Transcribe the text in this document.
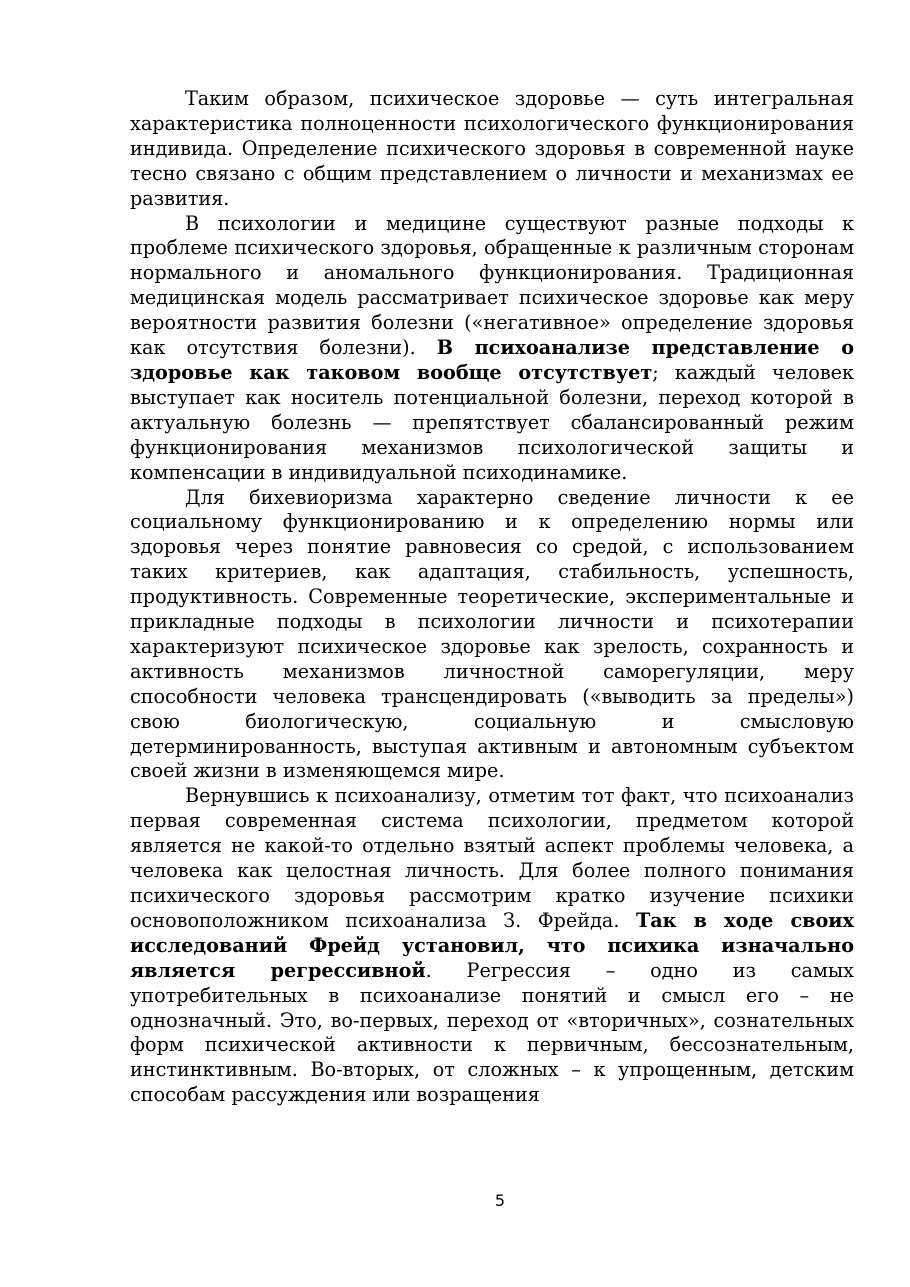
Таким образом, психическое здоровье — суть интегральная характеристика полноценности психологического функционирования индивида. Определение психического здоровья в современной науке тесно связано с общим представлением о личности и механизмах ее развития.

В психологии и медицине существуют разные подходы к проблеме психического здоровья, обращенные к различным сторонам нормального и аномального функционирования. Традиционная медицинская модель рассматривает психическое здоровье как меру вероятности развития болезни («негативное» определение здоровья как отсутствия болезни). В психоанализе представление о здоровье как таковом вообще отсутствует; каждый человек выступает как носитель потенциальной болезни, переход которой в актуальную болезнь — препятствует сбалансированный режим функционирования механизмов психологической защиты и компенсации в индивидуальной психодинамике.

Для бихевиоризма характерно сведение личности к ее социальному функционированию и к определению нормы или здоровья через понятие равновесия со средой, с использованием таких критериев, как адаптация, стабильность, успешность, продуктивность. Современные теоретические, экспериментальные и прикладные подходы в психологии личности и психотерапии характеризуют психическое здоровье как зрелость, сохранность и активность механизмов личностной саморегуляции, меру способности человека трансцендировать («выводить за пределы») свою биологическую, социальную и смысловую детерминированность, выступая активным и автономным субъектом своей жизни в изменяющемся мире.

Вернувшись к психоанализу, отметим тот факт, что психоанализ первая современная система психологии, предметом которой является не какой-то отдельно взятый аспект проблемы человека, а человека как целостная личность. Для более полного понимания психического здоровья рассмотрим кратко изучение психики основоположником психоанализа З. Фрейда. Так в ходе своих исследований Фрейд установил, что психика изначально является регрессивной. Регрессия – одно из самых употребительных в психоанализе понятий и смысл его – не однозначный. Это, во-первых, переход от «вторичных», сознательных форм психической активности к первичным, бессознательным, инстинктивным. Во-вторых, от сложных – к упрощенным, детским способам рассуждения или возращения

5
